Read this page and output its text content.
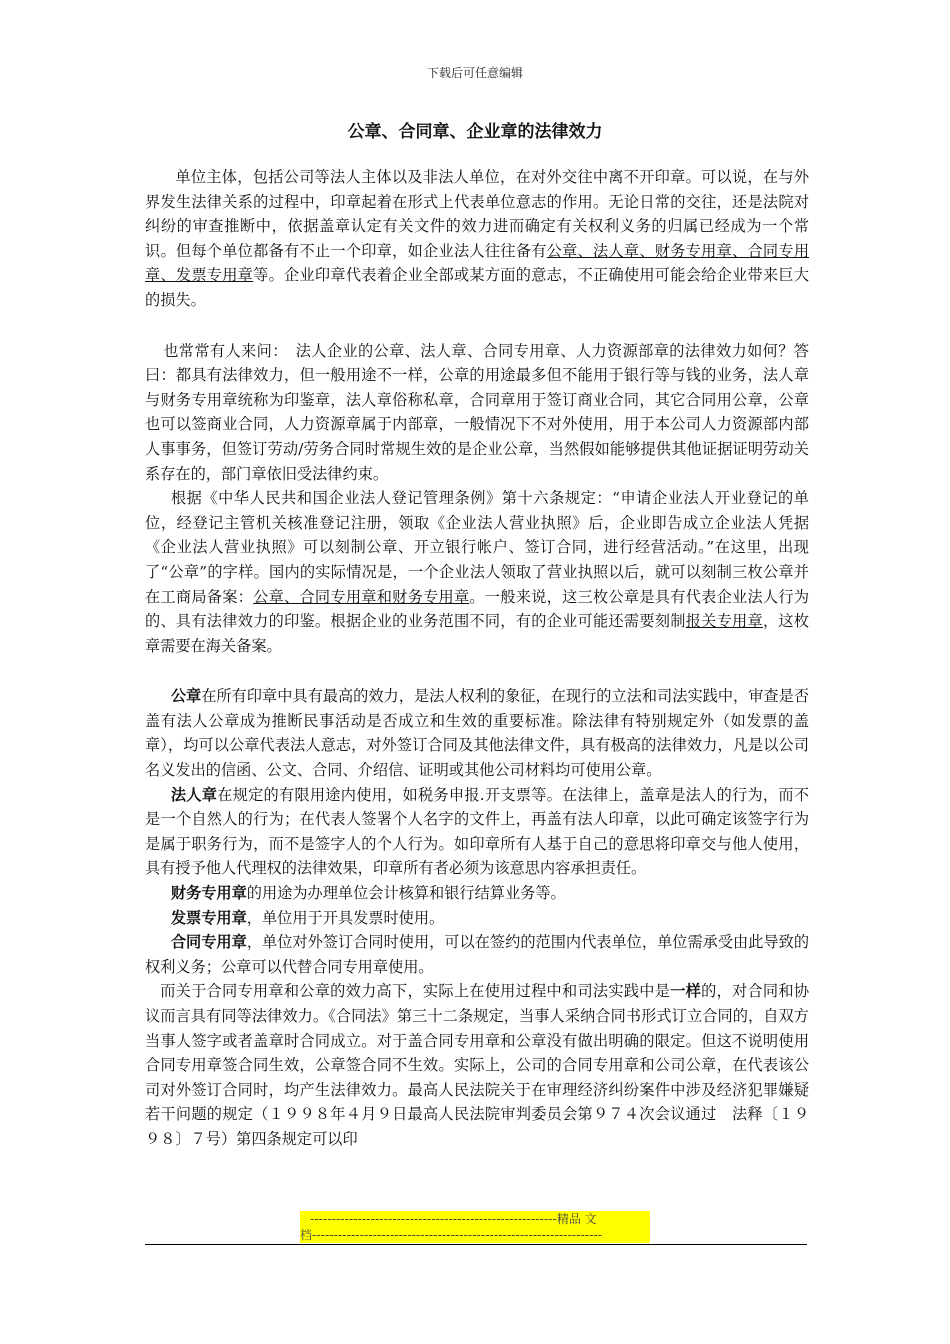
下载后可任意编辑
公章、合同章、企业章的法律效力

单位主体，包括公司等法人主体以及非法人单位，在对外交往中离不开印章。可以说，在与外界发生法律关系的过程中，印章起着在形式上代表单位意志的作用。无论日常的交往，还是法院对纠纷的审查推断中，依据盖章认定有关文件的效力进而确定有关权利义务的归属已经成为一个常识。但每个单位都备有不止一个印章，如企业法人往往备有公章、法人章、财务专用章、合同专用章、发票专用章等。企业印章代表着企业全部或某方面的意志，不正确使用可能会给企业带来巨大的损失。

也常常有人来问：　法人企业的公章、法人章、合同专用章、人力资源部章的法律效力如何？答曰：都具有法律效力，但一般用途不一样，公章的用途最多但不能用于银行等与钱的业务，法人章与财务专用章统称为印鉴章，法人章俗称私章，合同章用于签订商业合同，其它合同用公章，公章也可以签商业合同，人力资源章属于内部章，一般情况下不对外使用，用于本公司人力资源部内部人事事务，但签订劳动/劳务合同时常规生效的是企业公章，当然假如能够提供其他证据证明劳动关系存在的，部门章依旧受法律约束。

根据《中华人民共和国企业法人登记管理条例》第十六条规定：“申请企业法人开业登记的单位，经登记主管机关核准登记注册，领取《企业法人营业执照》后，企业即告成立企业法人凭据《企业法人营业执照》可以刻制公章、开立银行帐户、签订合同，进行经营活动。”在这里，出现了“公章”的字样。国内的实际情况是，一个企业法人领取了营业执照以后，就可以刻制三枚公章并在工商局备案：公章、合同专用章和财务专用章。一般来说，这三枚公章是具有代表企业法人行为的、具有法律效力的印鉴。根据企业的业务范围不同，有的企业可能还需要刻制报关专用章，这枚章需要在海关备案。

公章在所有印章中具有最高的效力，是法人权利的象征，在现行的立法和司法实践中，审查是否盖有法人公章成为推断民事活动是否成立和生效的重要标准。除法律有特别规定外（如发票的盖章），均可以公章代表法人意志，对外签订合同及其他法律文件，具有极高的法律效力，凡是以公司名义发出的信函、公文、合同、介绍信、证明或其他公司材料均可使用公章。

法人章在规定的有限用途内使用，如税务申报.开支票等。在法律上，盖章是法人的行为，而不是一个自然人的行为；在代表人签署个人名字的文件上，再盖有法人印章，以此可确定该签字行为是属于职务行为，而不是签字人的个人行为。如印章所有人基于自己的意思将印章交与他人使用，具有授予他人代理权的法律效果，印章所有者必须为该意思内容承担责任。

财务专用章的用途为办理单位会计核算和银行结算业务等。

发票专用章，单位用于开具发票时使用。

合同专用章，单位对外签订合同时使用，可以在签约的范围内代表单位，单位需承受由此导致的权利义务；公章可以代替合同专用章使用。

而关于合同专用章和公章的效力高下，实际上在使用过程中和司法实践中是一样的，对合同和协议而言具有同等法律效力。《合同法》第三十二条规定，当事人采纳合同书形式订立合同的，自双方当事人签字或者盖章时合同成立。对于盖合同专用章和公章没有做出明确的限定。但这不说明使用合同专用章签合同生效，公章签合同不生效。实际上，公司的合同专用章和公司公章，在代表该公司对外签订合同时，均产生法律效力。最高人民法院关于在审理经济纠纷案件中涉及经济犯罪嫌疑若干问题的规定（１９９８年４月９日最高人民法院审判委员会第９７４次会议通过　法释〔１９９８〕７号）第四条规定可以印

---------------------------------------------------------精品 文
档-------------------------------------------------------------------
